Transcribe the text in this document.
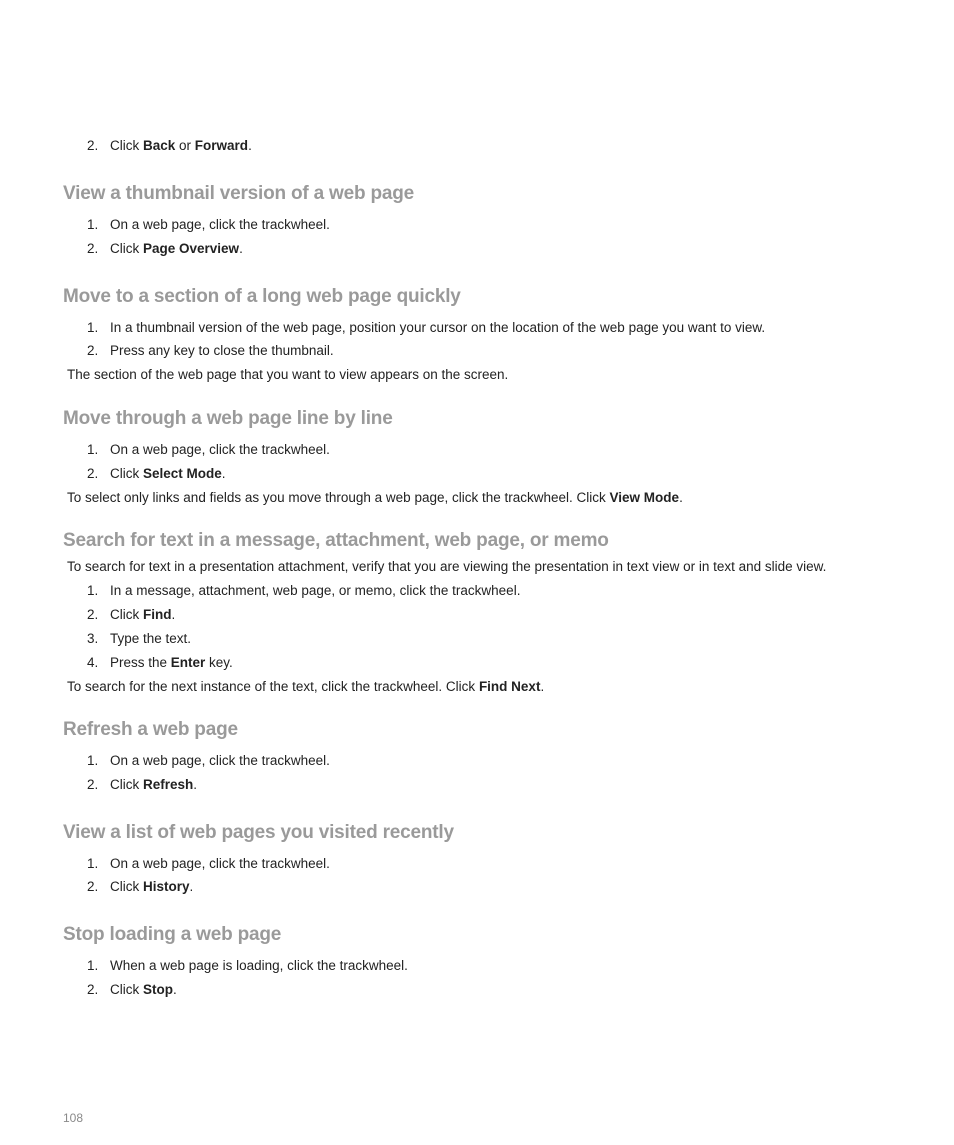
2. Click Back or Forward.
View a thumbnail version of a web page
1. On a web page, click the trackwheel.
2. Click Page Overview.
Move to a section of a long web page quickly
1. In a thumbnail version of the web page, position your cursor on the location of the web page you want to view.
2. Press any key to close the thumbnail.
The section of the web page that you want to view appears on the screen.
Move through a web page line by line
1. On a web page, click the trackwheel.
2. Click Select Mode.
To select only links and fields as you move through a web page, click the trackwheel. Click View Mode.
Search for text in a message, attachment, web page, or memo
To search for text in a presentation attachment, verify that you are viewing the presentation in text view or in text and slide view.
1. In a message, attachment, web page, or memo, click the trackwheel.
2. Click Find.
3. Type the text.
4. Press the Enter key.
To search for the next instance of the text, click the trackwheel. Click Find Next.
Refresh a web page
1. On a web page, click the trackwheel.
2. Click Refresh.
View a list of web pages you visited recently
1. On a web page, click the trackwheel.
2. Click History.
Stop loading a web page
1. When a web page is loading, click the trackwheel.
2. Click Stop.
108
